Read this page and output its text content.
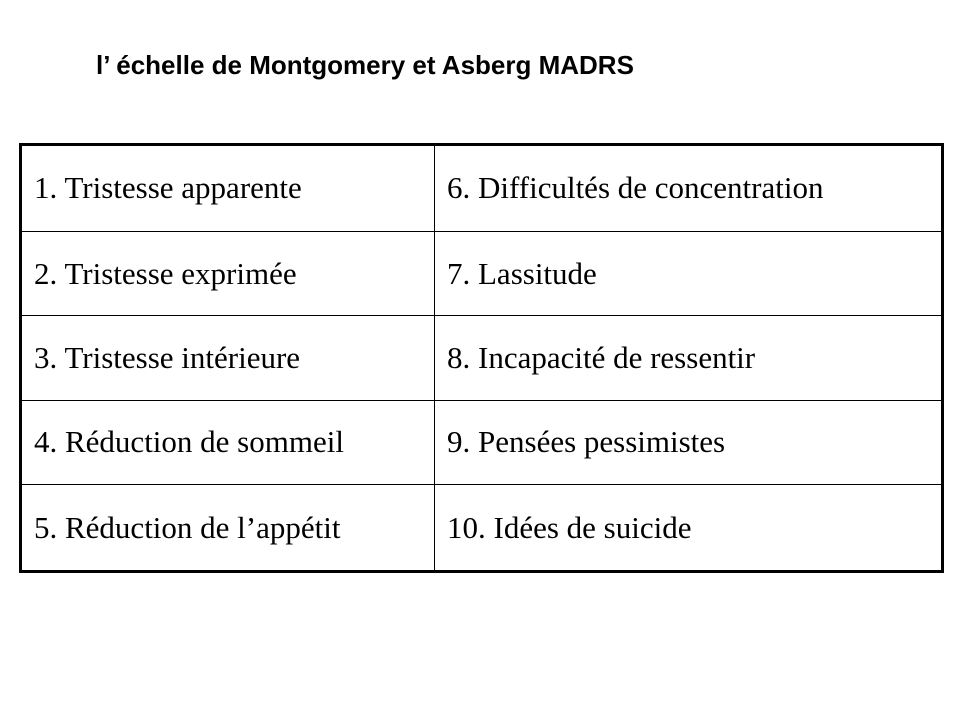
l’ échelle de Montgomery et Asberg MADRS
1. Tristesse apparente	6. Difficultés de concentration
2. Tristesse exprimée	7. Lassitude
3. Tristesse intérieure	8. Incapacité de ressentir
4. Réduction de sommeil	9. Pensées pessimistes
5. Réduction de l’appétit	10. Idées de suicide
